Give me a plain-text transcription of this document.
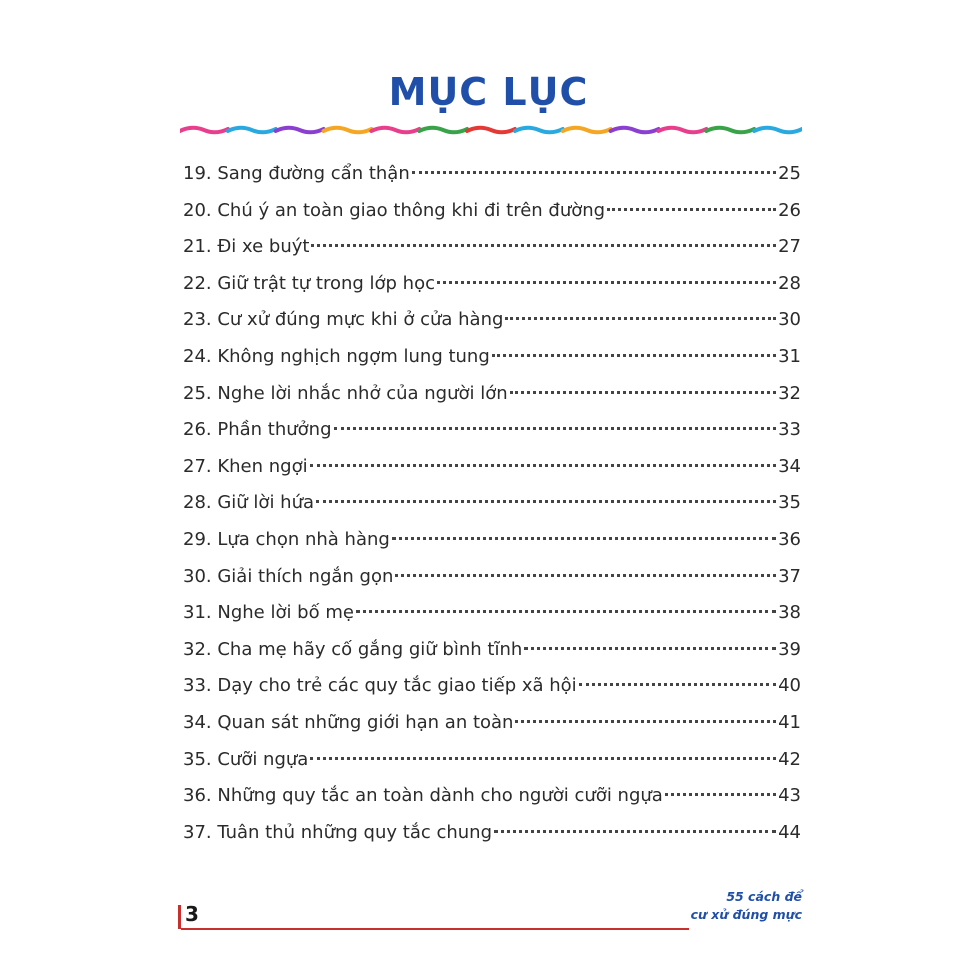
MỤC LỤC
19. Sang đường cẩn thận	25
20. Chú ý an toàn giao thông khi đi trên đường	26
21. Đi xe buýt	27
22. Giữ trật tự trong lớp học	28
23. Cư xử đúng mực khi ở cửa hàng	30
24. Không nghịch ngợm lung tung	31
25. Nghe lời nhắc nhở của người lớn	32
26. Phần thưởng	33
27. Khen ngợi	34
28. Giữ lời hứa	35
29. Lựa chọn nhà hàng	36
30. Giải thích ngắn gọn	37
31. Nghe lời bố mẹ	38
32. Cha mẹ hãy cố gắng giữ bình tĩnh	39
33. Dạy cho trẻ các quy tắc giao tiếp xã hội	40
34. Quan sát những giới hạn an toàn	41
35. Cưỡi ngựa	42
36. Những quy tắc an toàn dành cho người cưỡi ngựa	43
37. Tuân thủ những quy tắc chung	44
3
55 cách để
cư xử đúng mực
